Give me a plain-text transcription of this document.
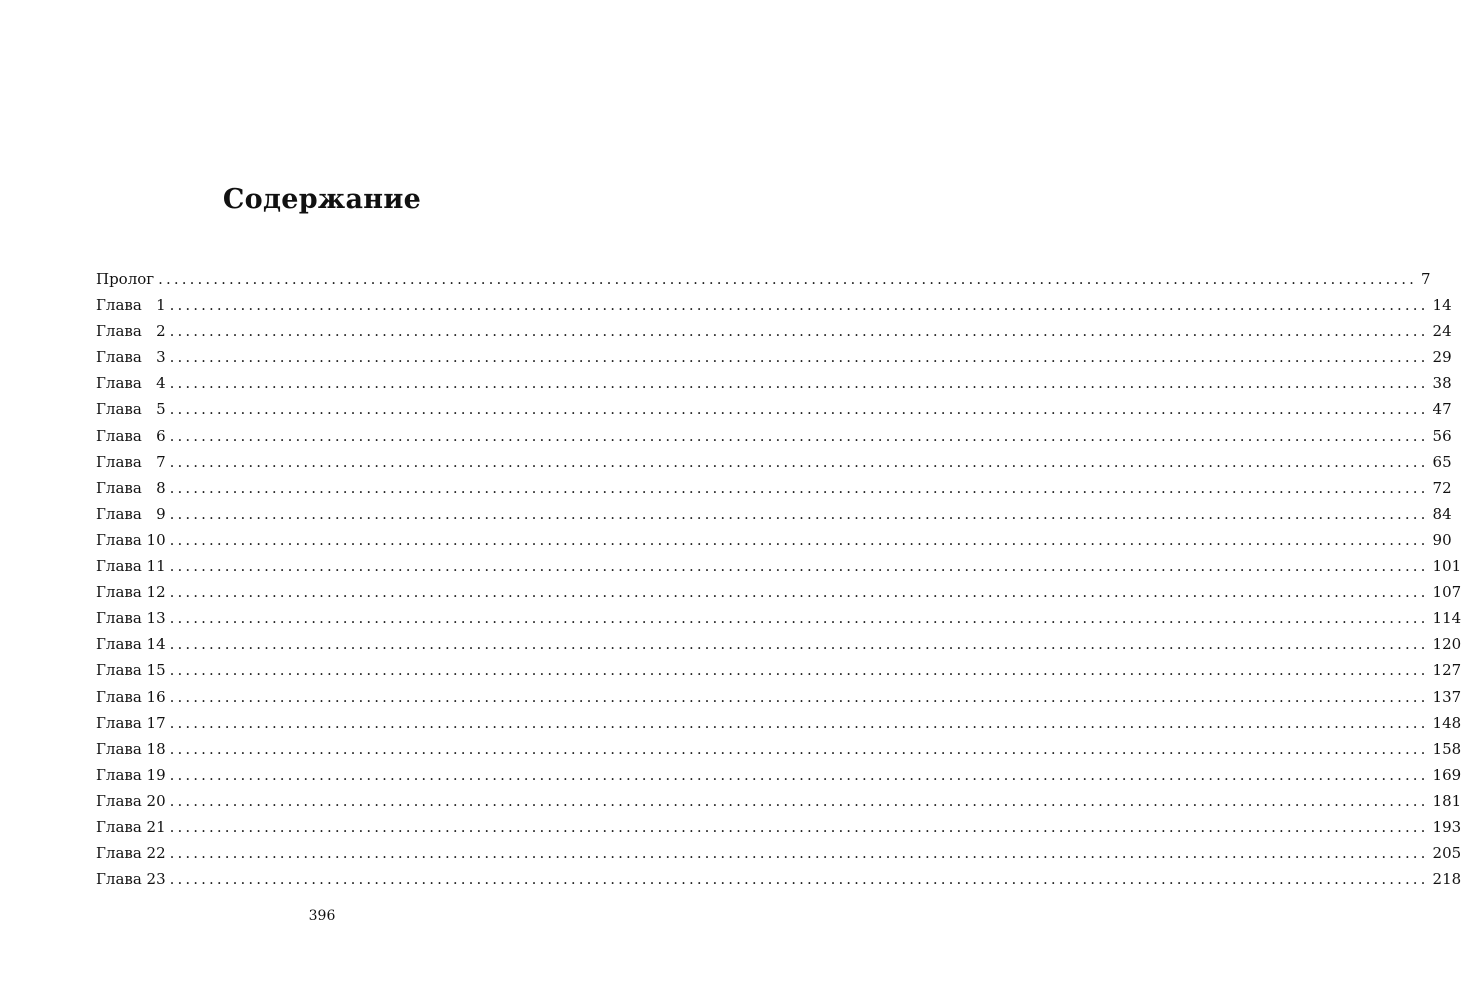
Содержание
Пролог ................................................................................................................................................................ 7
Глава   1 ................................................................................................................................................................ 14
Глава   2 ................................................................................................................................................................ 24
Глава   3 ................................................................................................................................................................ 29
Глава   4 ................................................................................................................................................................ 38
Глава   5 ................................................................................................................................................................ 47
Глава   6 ................................................................................................................................................................ 56
Глава   7 ................................................................................................................................................................ 65
Глава   8 ................................................................................................................................................................ 72
Глава   9 ................................................................................................................................................................ 84
Глава 10 ................................................................................................................................................................ 90
Глава 11 ................................................................................................................................................................ 101
Глава 12 ................................................................................................................................................................ 107
Глава 13 ................................................................................................................................................................ 114
Глава 14 ................................................................................................................................................................ 120
Глава 15 ................................................................................................................................................................ 127
Глава 16 ................................................................................................................................................................ 137
Глава 17 ................................................................................................................................................................ 148
Глава 18 ................................................................................................................................................................ 158
Глава 19 ................................................................................................................................................................ 169
Глава 20 ................................................................................................................................................................ 181
Глава 21 ................................................................................................................................................................ 193
Глава 22 ................................................................................................................................................................ 205
Глава 23 ................................................................................................................................................................ 218

396
